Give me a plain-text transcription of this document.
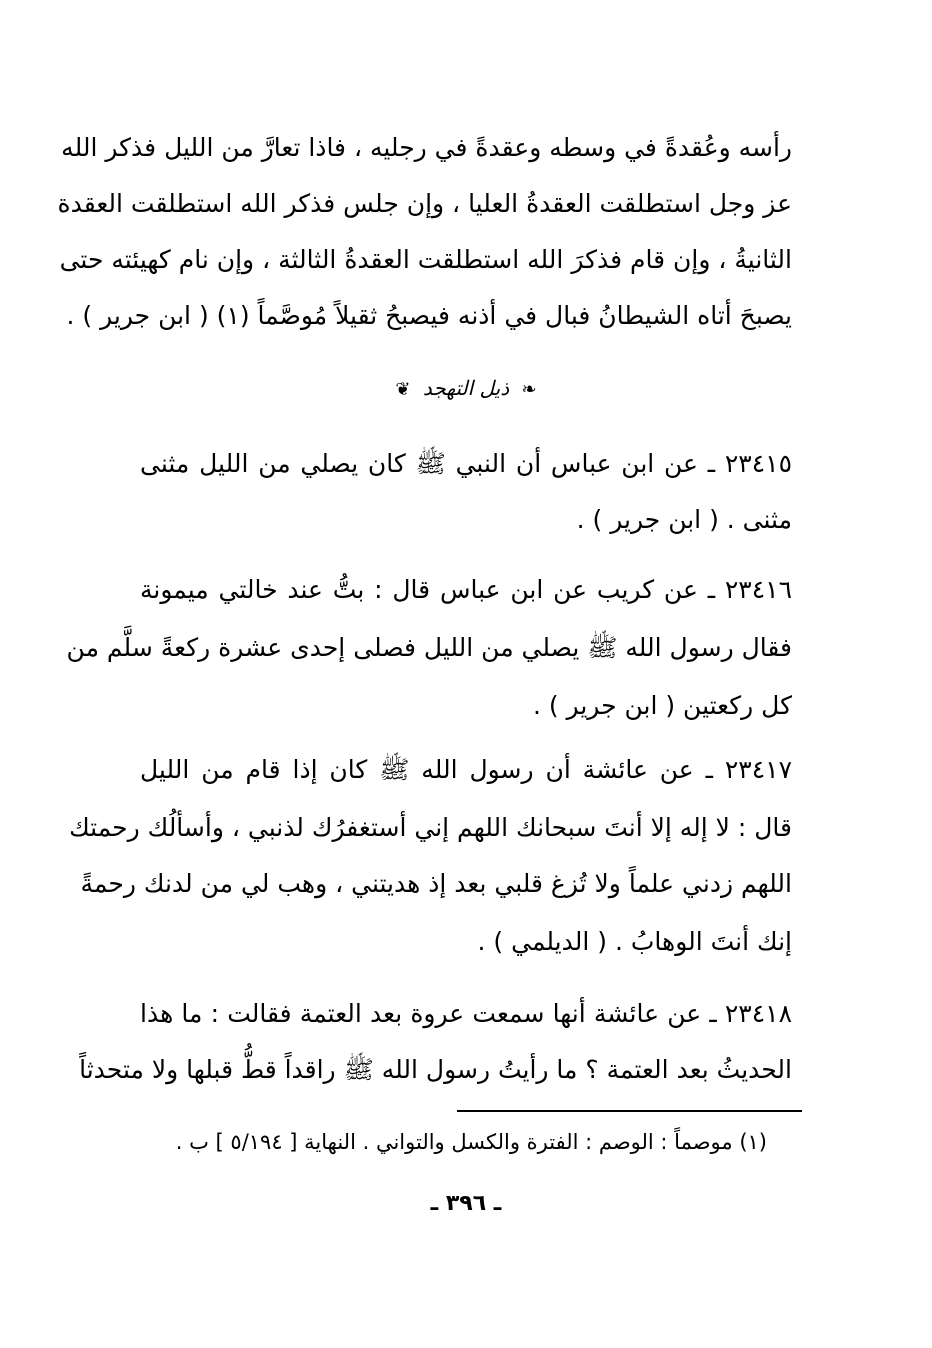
رأسه وعُقدةً في وسطه وعقدةً في رجليه ، فاذا تعارَّ من الليل فذكر الله
عز وجل استطلقت العقدةُ العليا ، وإن جلس فذكر الله استطلقت العقدة
الثانيةُ ، وإن قام فذكرَ الله استطلقت العقدةُ الثالثة ، وإن نام كهيئته حتى
يصبحَ أتاه الشيطانُ فبال في أذنه فيصبحُ ثقيلاً مُوصَّماً (١) ( ابن جرير ) .
❧ ذيل التهجد ❦
٢٣٤١٥ ـ عن ابن عباس أن النبي ﷺ كان يصلي من الليل مثنى
مثنى . ( ابن جرير ) .
٢٣٤١٦ ـ عن كريب عن ابن عباس قال : بتُّ عند خالتي ميمونة
فقال رسول الله ﷺ يصلي من الليل فصلى إحدى عشرة ركعةً سلَّم من
كل ركعتين ( ابن جرير ) .
٢٣٤١٧ ـ عن عائشة أن رسول الله ﷺ كان إذا قام من الليل
قال : لا إله إلا أنتَ سبحانك اللهم إني أستغفرُك لذنبي ، وأسألُك رحمتك
اللهم زدني علماً ولا تُزغ قلبي بعد إذ هديتني ، وهب لي من لدنك رحمةً
إنك أنتَ الوهابُ . ( الديلمي ) .
٢٣٤١٨ ـ عن عائشة أنها سمعت عروة بعد العتمة فقالت : ما هذا
الحديثُ بعد العتمة ؟ ما رأيتُ رسول الله ﷺ راقداً قطُّ قبلها ولا متحدثاً
(١) موصماً : الوصم : الفترة والكسل والتواني . النهاية [ ٥/١٩٤ ] ب .
ـ ٣٩٦ ـ
